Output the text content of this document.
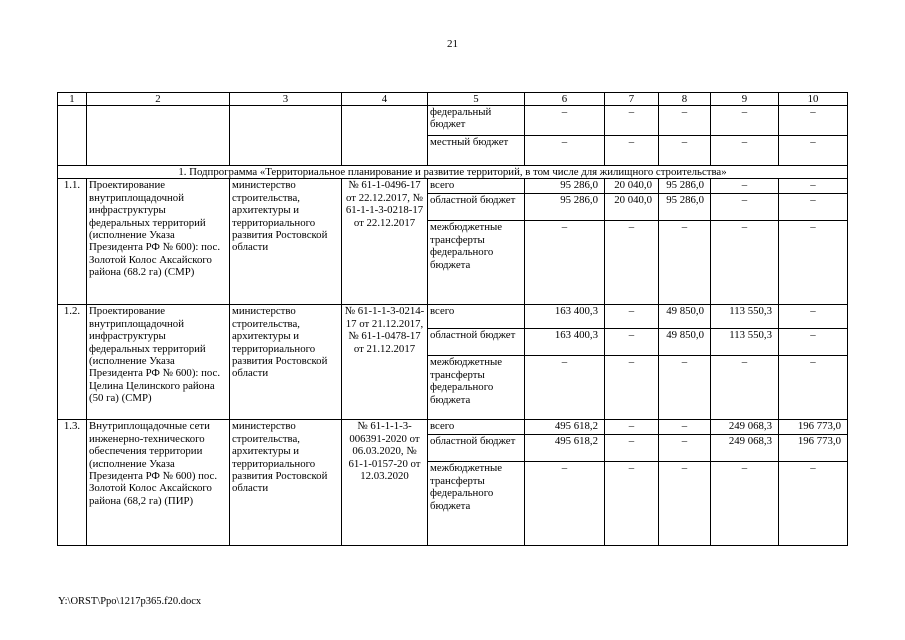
21
1	2	3	4	5	6	7	8	9	10
				федеральный бюджет	–	–	–	–	–
				местный бюджет	–	–	–	–	–
1. Подпрограмма «Территориальное планирование и развитие территорий, в том числе для жилищного строительства»									
1.1.	Проектирование внутриплощадочной инфраструктуры федеральных территорий (исполнение Указа Президента РФ № 600): пос. Золотой Колос Аксайского района (68.2 га) (СМР)	министерство строительства, архитектуры и территориального развития Ростовской области	№ 61-1-0496-17 от 22.12.2017, № 61-1-1-3-0218-17 от 22.12.2017	всего	95 286,0	20 040,0	95 286,0	–	–
				областной бюджет	95 286,0	20 040,0	95 286,0	–	–
				межбюджетные трансферты федерального бюджета	–	–	–	–	–
1.2.	Проектирование внутриплощадочной инфраструктуры федеральных территорий (исполнение Указа Президента РФ № 600): пос. Целина Целинского района (50 га) (СМР)	министерство строительства, архитектуры и территориального развития Ростовской области	№ 61-1-1-3-0214-17 от 21.12.2017, № 61-1-0478-17 от 21.12.2017	всего	163 400,3	–	49 850,0	113 550,3	–
				областной бюджет	163 400,3	–	49 850,0	113 550,3	–
				межбюджетные трансферты федерального бюджета	–	–	–	–	–
1.3.	Внутриплощадочные сети инженерно-технического обеспечения территории (исполнение Указа Президента РФ № 600) пос. Золотой Колос Аксайского района (68,2 га) (ПИР)	министерство строительства, архитектуры и территориального развития Ростовской области	№ 61-1-1-3-006391-2020 от 06.03.2020, № 61-1-0157-20 от 12.03.2020	всего	495 618,2	–	–	249 068,3	196 773,0
				областной бюджет	495 618,2	–	–	249 068,3	196 773,0
				межбюджетные трансферты федерального бюджета	–	–	–	–	–
Y:\ORST\Ppo\1217p365.f20.docx
